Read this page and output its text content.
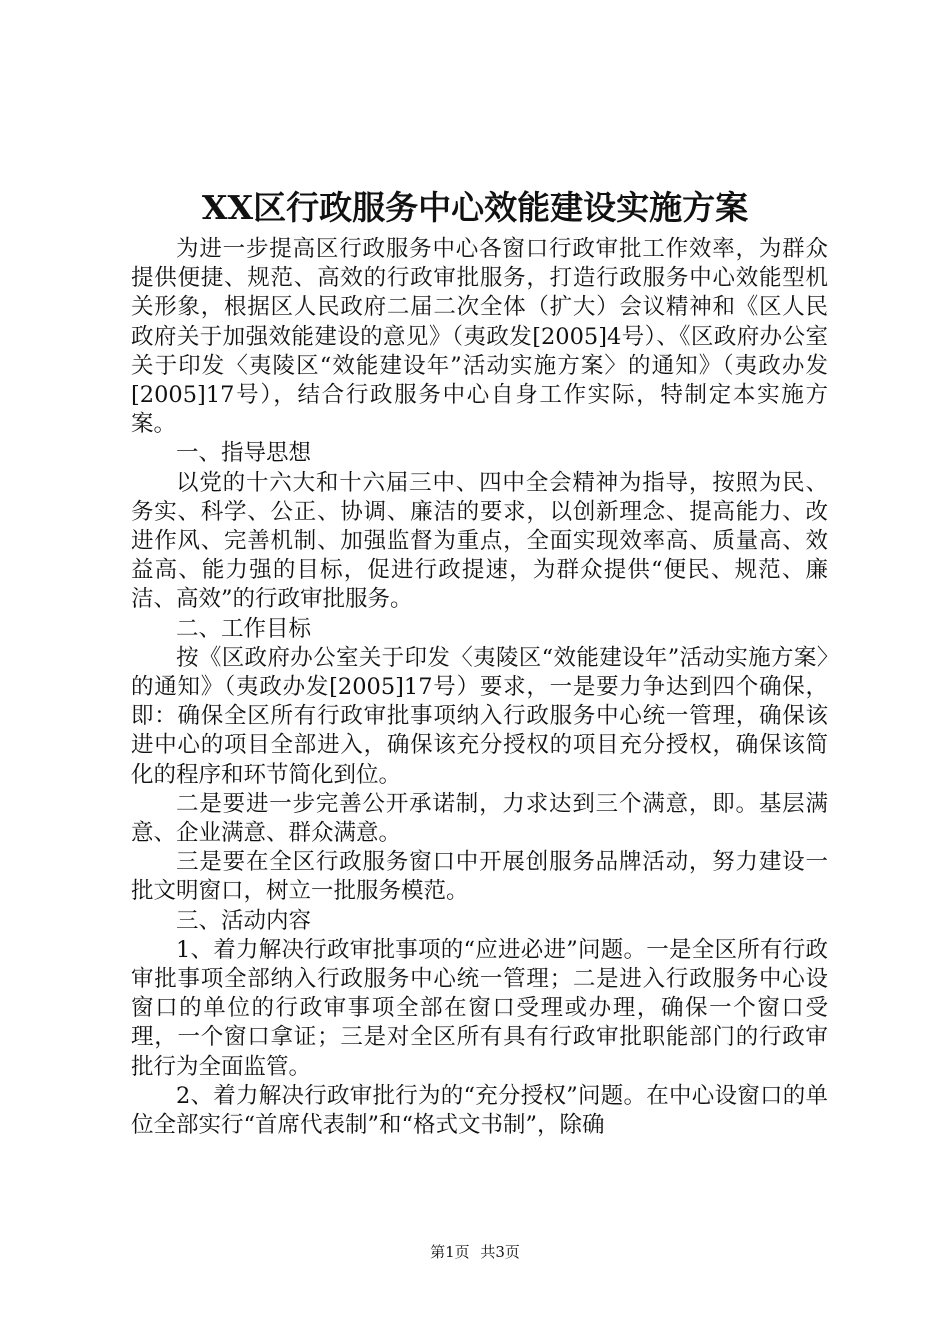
XX区行政服务中心效能建设实施方案

为进一步提高区行政服务中心各窗口行政审批工作效率，为群众提供便捷、规范、高效的行政审批服务，打造行政服务中心效能型机关形象，根据区人民政府二届二次全体（扩大）会议精神和《区人民政府关于加强效能建设的意见》（夷政发[2005]4号）、《区政府办公室关于印发〈夷陵区“效能建设年”活动实施方案〉的通知》（夷政办发[2005]17号），结合行政服务中心自身工作实际，特制定本实施方案。

一、指导思想

以党的十六大和十六届三中、四中全会精神为指导，按照为民、务实、科学、公正、协调、廉洁的要求，以创新理念、提高能力、改进作风、完善机制、加强监督为重点，全面实现效率高、质量高、效益高、能力强的目标，促进行政提速，为群众提供“便民、规范、廉洁、高效”的行政审批服务。

二、工作目标

按《区政府办公室关于印发〈夷陵区“效能建设年”活动实施方案〉的通知》（夷政办发[2005]17号）要求，一是要力争达到四个确保，即：确保全区所有行政审批事项纳入行政服务中心统一管理，确保该进中心的项目全部进入，确保该充分授权的项目充分授权，确保该简化的程序和环节简化到位。

二是要进一步完善公开承诺制，力求达到三个满意，即。基层满意、企业满意、群众满意。

三是要在全区行政服务窗口中开展创服务品牌活动，努力建设一批文明窗口，树立一批服务模范。

三、活动内容

1、着力解决行政审批事项的“应进必进”问题。一是全区所有行政审批事项全部纳入行政服务中心统一管理；二是进入行政服务中心设窗口的单位的行政审事项全部在窗口受理或办理，确保一个窗口受理，一个窗口拿证；三是对全区所有具有行政审批职能部门的行政审批行为全面监管。

2、着力解决行政审批行为的“充分授权”问题。在中心设窗口的单位全部实行“首席代表制”和“格式文书制”，除确

第1页 共3页
